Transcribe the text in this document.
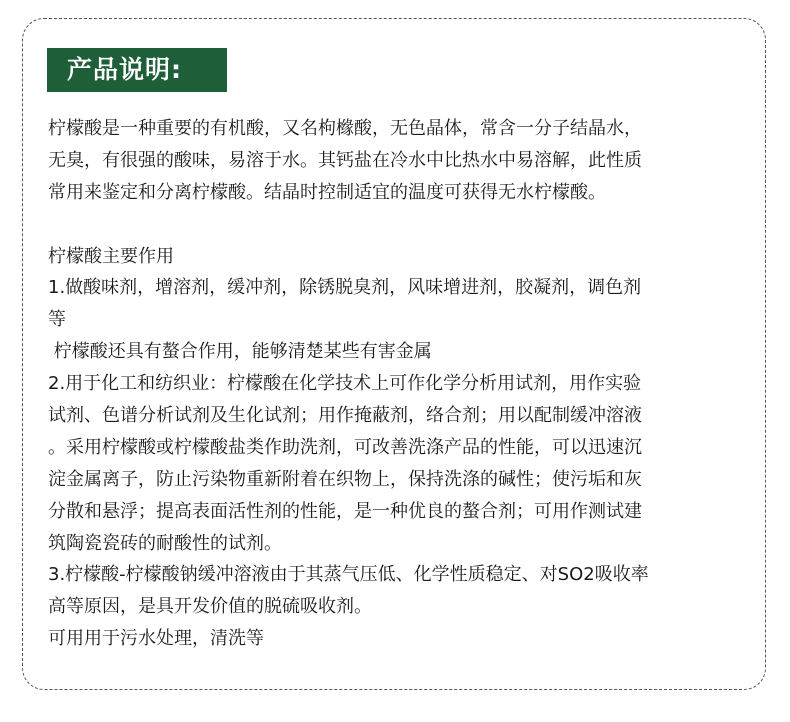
产品说明:
柠檬酸是一种重要的有机酸，又名枸橼酸，无色晶体，常含一分子结晶水，
无臭，有很强的酸味，易溶于水。其钙盐在冷水中比热水中易溶解，此性质
常用来鉴定和分离柠檬酸。结晶时控制适宜的温度可获得无水柠檬酸。
柠檬酸主要作用
1.做酸味剂，增溶剂，缓冲剂，除锈脱臭剂，风味增进剂，胶凝剂，调色剂
等
柠檬酸还具有螯合作用，能够清楚某些有害金属
2.用于化工和纺织业：柠檬酸在化学技术上可作化学分析用试剂，用作实验
试剂、色谱分析试剂及生化试剂；用作掩蔽剂，络合剂；用以配制缓冲溶液
。采用柠檬酸或柠檬酸盐类作助洗剂，可改善洗涤产品的性能，可以迅速沉
淀金属离子，防止污染物重新附着在织物上，保持洗涤的碱性；使污垢和灰
分散和悬浮；提高表面活性剂的性能，是一种优良的螯合剂；可用作测试建
筑陶瓷瓷砖的耐酸性的试剂。
3.柠檬酸-柠檬酸钠缓冲溶液由于其蒸气压低、化学性质稳定、对SO2吸收率
高等原因，是具开发价值的脱硫吸收剂。
可用用于污水处理，清洗等
